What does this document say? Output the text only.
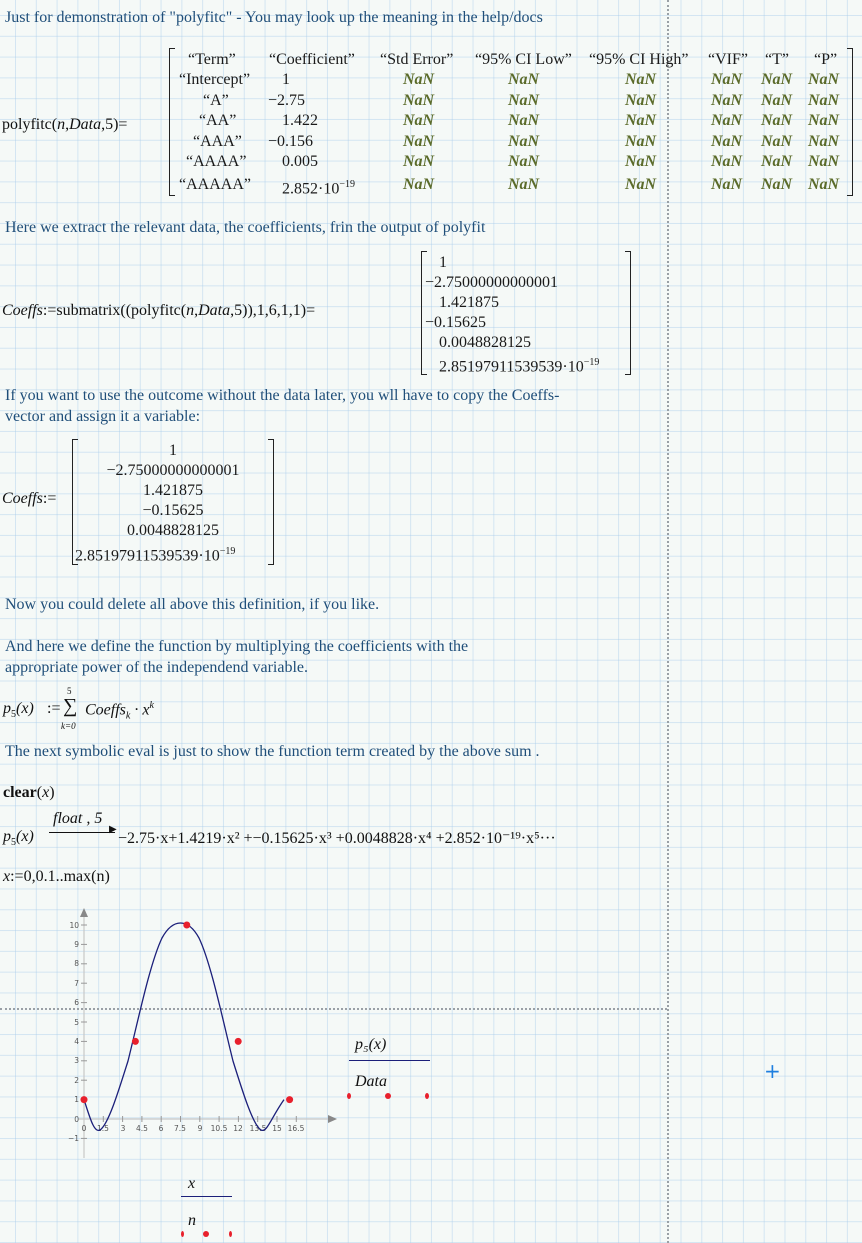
Just for demonstration of "polyfitc" - You may look up the meaning in the help/docs
polyfitc(n,Data,5)=
“Term” “Coefficient” “Std Error” “95% CI Low” “95% CI High” “VIF” “T” “P”
“Intercept” 1	NaN	NaN	NaN	NaN NaN NaN
“A” −2.75	NaN	NaN	NaN	NaN NaN NaN
“AA”	1.422	NaN	NaN	NaN	NaN NaN NaN
“AAA” −0.156	NaN	NaN	NaN	NaN NaN NaN
“AAAA” 0.005	NaN	NaN	NaN	NaN NaN NaN
“AAAAA” $2.852\cdot 10^{-19}$	NaN	NaN	NaN	NaN NaN NaN
Here we extract the relevant data, the coefficients, frin the output of polyfit
Coeffs:=submatrix((polyfitc(n,Data,5)),1,6,1,1)=
1
−2.75000000000001
1.421875
−0.15625
0.0048828125
$2.85197911539539\cdot 10^{-19}$
If you want to use the outcome without the data later, you wll have to copy the Coeffs-
vector and assign it a variable:
Coeffs:=
1
−2.75000000000001
1.421875
−0.15625
0.0048828125
$2.85197911539539\cdot 10^{-19}$
Now you could delete all above this definition, if you like.
And here we define the function by multiplying the coefficients with the
appropriate power of the independend variable.
$p_5(x)$ :=
5
∑
k=0
Coeffs$_k$ · $x^k$
The next symbolic eval is just to show the function term created by the above sum .
clear(x)
$p_5(x)$
float , 5
▶
−2.75·x+1.4219·x² +−0.15625·x³ +0.0048828·x⁴ +2.852·10⁻¹⁹·x⁵···
x:=0,0.1..max(n)
10
9
8
7
6
5
4
3
2
1
0
−1
0 1.5 3 4.5 6 7.5 9 10.5 12 13.5 15 16.5
p₅(x)
Data
x
n
+
